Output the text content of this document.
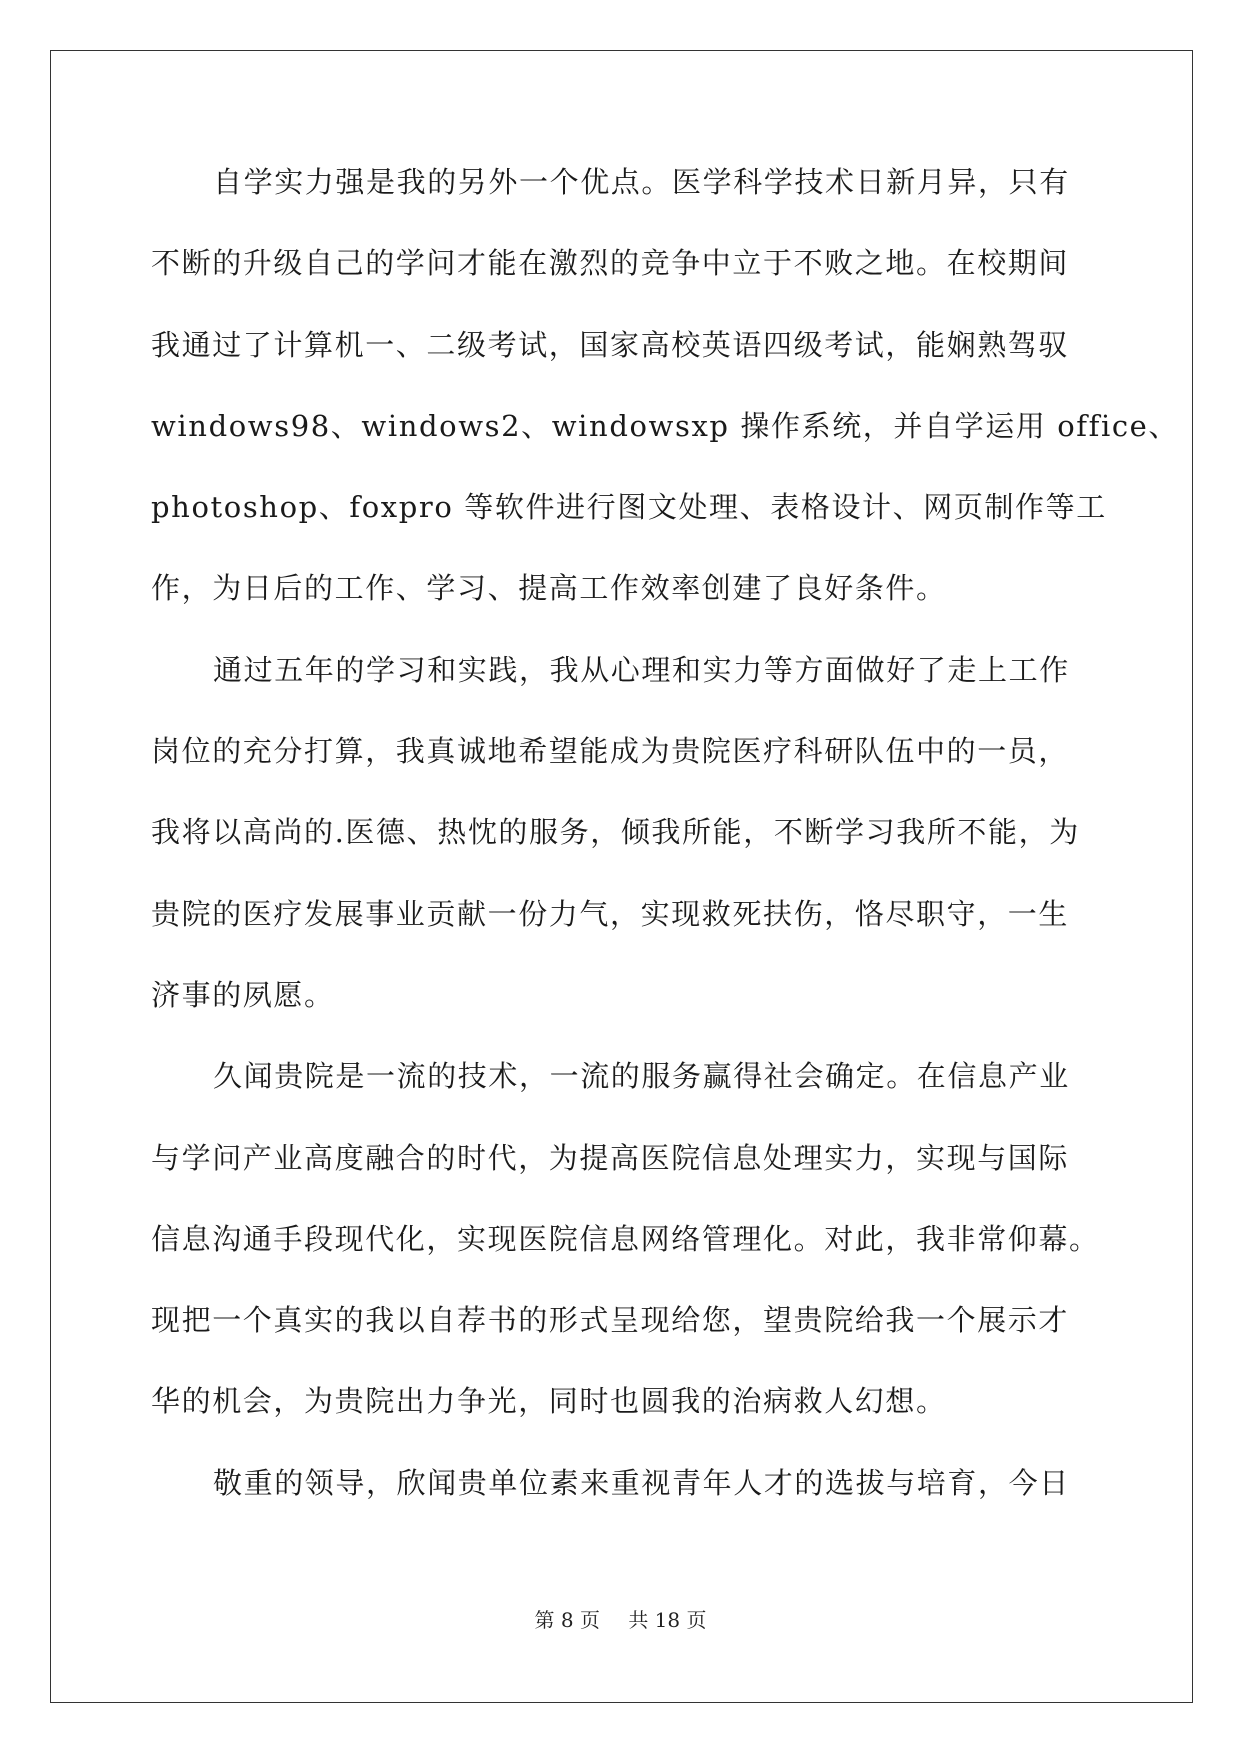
自学实力强是我的另外一个优点。医学科学技术日新月异，只有
不断的升级自己的学问才能在激烈的竞争中立于不败之地。在校期间
我通过了计算机一、二级考试，国家高校英语四级考试，能娴熟驾驭
windows98、windows2、windowsxp 操作系统，并自学运用 office、
photoshop、foxpro 等软件进行图文处理、表格设计、网页制作等工
作，为日后的工作、学习、提高工作效率创建了良好条件。
通过五年的学习和实践，我从心理和实力等方面做好了走上工作
岗位的充分打算，我真诚地希望能成为贵院医疗科研队伍中的一员，
我将以高尚的.医德、热忱的服务，倾我所能，不断学习我所不能，为
贵院的医疗发展事业贡献一份力气，实现救死扶伤，恪尽职守，一生
济事的夙愿。
久闻贵院是一流的技术，一流的服务赢得社会确定。在信息产业
与学问产业高度融合的时代，为提高医院信息处理实力，实现与国际
信息沟通手段现代化，实现医院信息网络管理化。对此，我非常仰幕。
现把一个真实的我以自荐书的形式呈现给您，望贵院给我一个展示才
华的机会，为贵院出力争光，同时也圆我的治病救人幻想。
敬重的领导，欣闻贵单位素来重视青年人才的选拔与培育，今日
第 8 页 共 18 页
